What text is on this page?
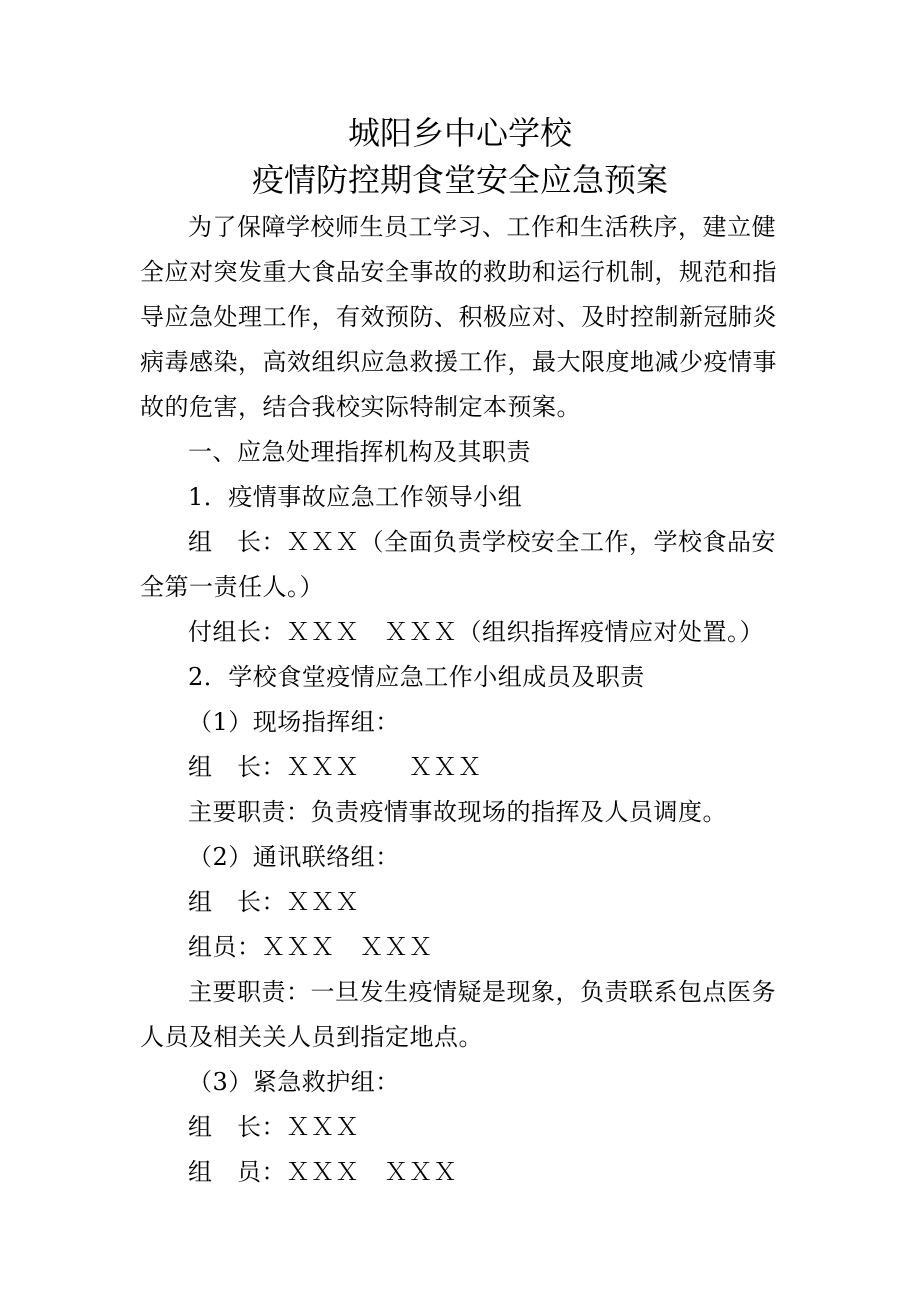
城阳乡中心学校
疫情防控期食堂安全应急预案
为了保障学校师生员工学习、工作和生活秩序，建立健
全应对突发重大食品安全事故的救助和运行机制，规范和指
导应急处理工作，有效预防、积极应对、及时控制新冠肺炎
病毒感染，高效组织应急救援工作，最大限度地减少疫情事
故的危害，结合我校实际特制定本预案。
一、应急处理指挥机构及其职责
1．疫情事故应急工作领导小组
组　长：ＸＸＸ（全面负责学校安全工作，学校食品安
全第一责任人。）
付组长：ＸＸＸ　ＸＸＸ（组织指挥疫情应对处置。）
2．学校食堂疫情应急工作小组成员及职责
（1）现场指挥组：
组　长：ＸＸＸ　　ＸＸＸ
主要职责：负责疫情事故现场的指挥及人员调度。
（2）通讯联络组：
组　长：ＸＸＸ
组员：ＸＸＸ　ＸＸＸ
主要职责：一旦发生疫情疑是现象，负责联系包点医务
人员及相关关人员到指定地点。
（3）紧急救护组：
组　长：ＸＸＸ
组　员：ＸＸＸ　ＸＸＸ
